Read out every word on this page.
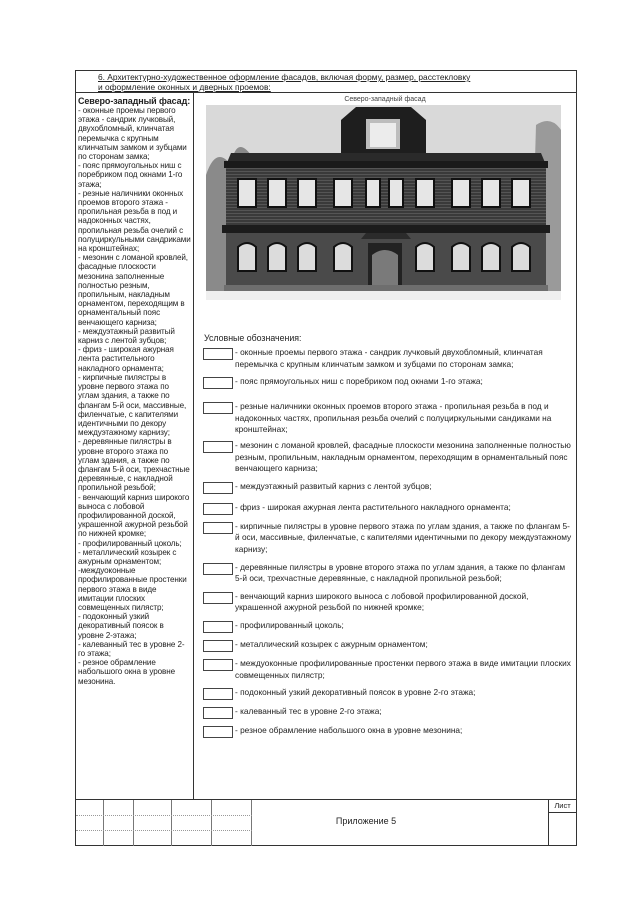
6. Архитектурно-художественное оформление фасадов, включая форму, размер, расстекловку
и оформление оконных и дверных проемов:
Северо-западный фасад:
- оконные проемы первого этажа - сандрик лучковый, двухобломный, клинчатая перемычка с крупным клинчатым замком и зубцами по сторонам замка;
- пояс прямоугольных ниш с поребриком под окнами 1-го этажа;
- резные наличники оконных проемов второго этажа - пропильная резьба в под и надоконных частях, пропильная резьба очелий с полуциркульными сандриками на кронштейнах;
- мезонин с ломаной кровлей, фасадные плоскости мезонина заполненные полностью резным, пропильным, накладным орнаментом, переходящим в орнаментальный пояс венчающего карниза;
- междуэтажный развитый карниз с лентой зубцов;
- фриз - широкая ажурная лента растительного накладного орнамента;
- кирпичные пилястры в уровне первого этажа по углам здания, а также по флангам 5-й оси, массивные, филенчатые, с капителями идентичными по декору междуэтажному карнизу;
- деревянные пилястры в уровне второго этажа по углам здания, а также по флангам 5-й оси, трехчастные деревянные, с накладной пропильной резьбой;
- венчающий карниз широкого выноса с лобовой профилированной доской, украшенной ажурной резьбой по нижней кромке;
- профилированный цоколь;
- металлический козырек с ажурным орнаментом;
-междуоконные профилированные простенки первого этажа в виде имитации плоских совмещенных пилястр;
- подоконный узкий декоративный поясок в уровне 2-этажа;
- калеванный тес в уровне 2-го этажа;
- резное обрамление набольшого окна в уровне мезонина.
Северо-западный фасад
Условные обозначения:
- оконные проемы первого этажа - сандрик лучковый двухобломный, клинчатая перемычка с крупным клинчатым замком и зубцами по сторонам замка;
- пояс прямоугольных ниш с поребриком под окнами 1-го этажа;
- резные наличники оконных проемов второго этажа - пропильная резьба в под и надоконных частях, пропильная резьба очелий с полуциркульными сандиками на кронштейнах;
- мезонин с ломаной кровлей, фасадные плоскости мезонина заполненные полностью резным, пропильным, накладным орнаментом, переходящим в орнаментальный пояс венчающего карниза;
- междуэтажный развитый карниз с лентой зубцов;
- фриз - широкая ажурная лента растительного накладного орнамента;
- кирпичные пилястры в уровне первого этажа по углам здания, а также по флангам 5-й оси, массивные, филенчатые, с капителями идентичными по декору междуэтажному карнизу;
- деревянные пилястры в уровне второго этажа по углам здания, а также по флангам 5-й оси, трехчастные деревянные, с накладной пропильной резьбой;
- венчающий карниз широкого выноса с лобовой профилированной доской, украшенной ажурной резьбой по нижней кромке;
- профилированный цоколь;
- металлический козырек с ажурным орнаментом;
- междуоконные профилированные простенки первого этажа в виде имитации плоских совмещенных пилястр;
- подоконный узкий декоративный поясок в уровне 2-го этажа;
- калеванный тес в уровне 2-го этажа;
- резное обрамление набольшого окна в уровне мезонина;
Приложение 5
Лист
